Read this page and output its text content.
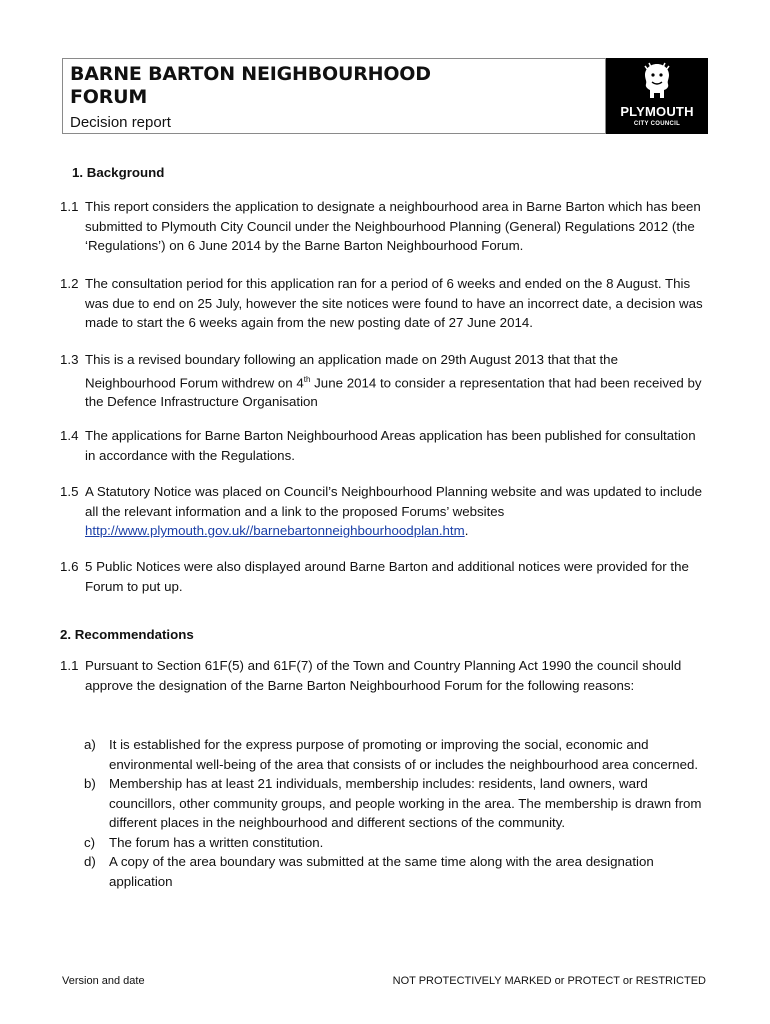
BARNE BARTON NEIGHBOURHOOD
FORUM
Decision report
PLYMOUTH
CITY COUNCIL
1. Background

1.1 This report considers the application to designate a neighbourhood area in Barne Barton which has been submitted to Plymouth City Council under the Neighbourhood Planning (General) Regulations 2012 (the ‘Regulations’) on 6 June 2014 by the Barne Barton Neighbourhood Forum.

1.2 The consultation period for this application ran for a period of 6 weeks and ended on the 8 August. This was due to end on 25 July, however the site notices were found to have an incorrect date, a decision was made to start the 6 weeks again from the new posting date of 27 June 2014.

1.3 This is a revised boundary following an application made on 29th August 2013 that that the Neighbourhood Forum withdrew on 4th June 2014 to consider a representation that had been received by the Defence Infrastructure Organisation

1.4 The applications for Barne Barton Neighbourhood Areas application has been published for consultation in accordance with the Regulations.

1.5 A Statutory Notice was placed on Council’s Neighbourhood Planning website and was updated to include all the relevant information and a link to the proposed Forums’ websites http://www.plymouth.gov.uk//barnebartonneighbourhoodplan.htm.

1.6 5 Public Notices were also displayed around Barne Barton and additional notices were provided for the Forum to put up.

2. Recommendations

1.1 Pursuant to Section 61F(5) and 61F(7) of the Town and Country Planning Act 1990 the council should approve the designation of the Barne Barton Neighbourhood Forum for the following reasons:

a) It is established for the express purpose of promoting or improving the social, economic and environmental well-being of the area that consists of or includes the neighbourhood area concerned.
b) Membership has at least 21 individuals, membership includes: residents, land owners, ward councillors, other community groups, and people working in the area. The membership is drawn from different places in the neighbourhood and different sections of the community.
c) The forum has a written constitution.
d) A copy of the area boundary was submitted at the same time along with the area designation application
Version and date	NOT PROTECTIVELY MARKED or PROTECT or RESTRICTED
